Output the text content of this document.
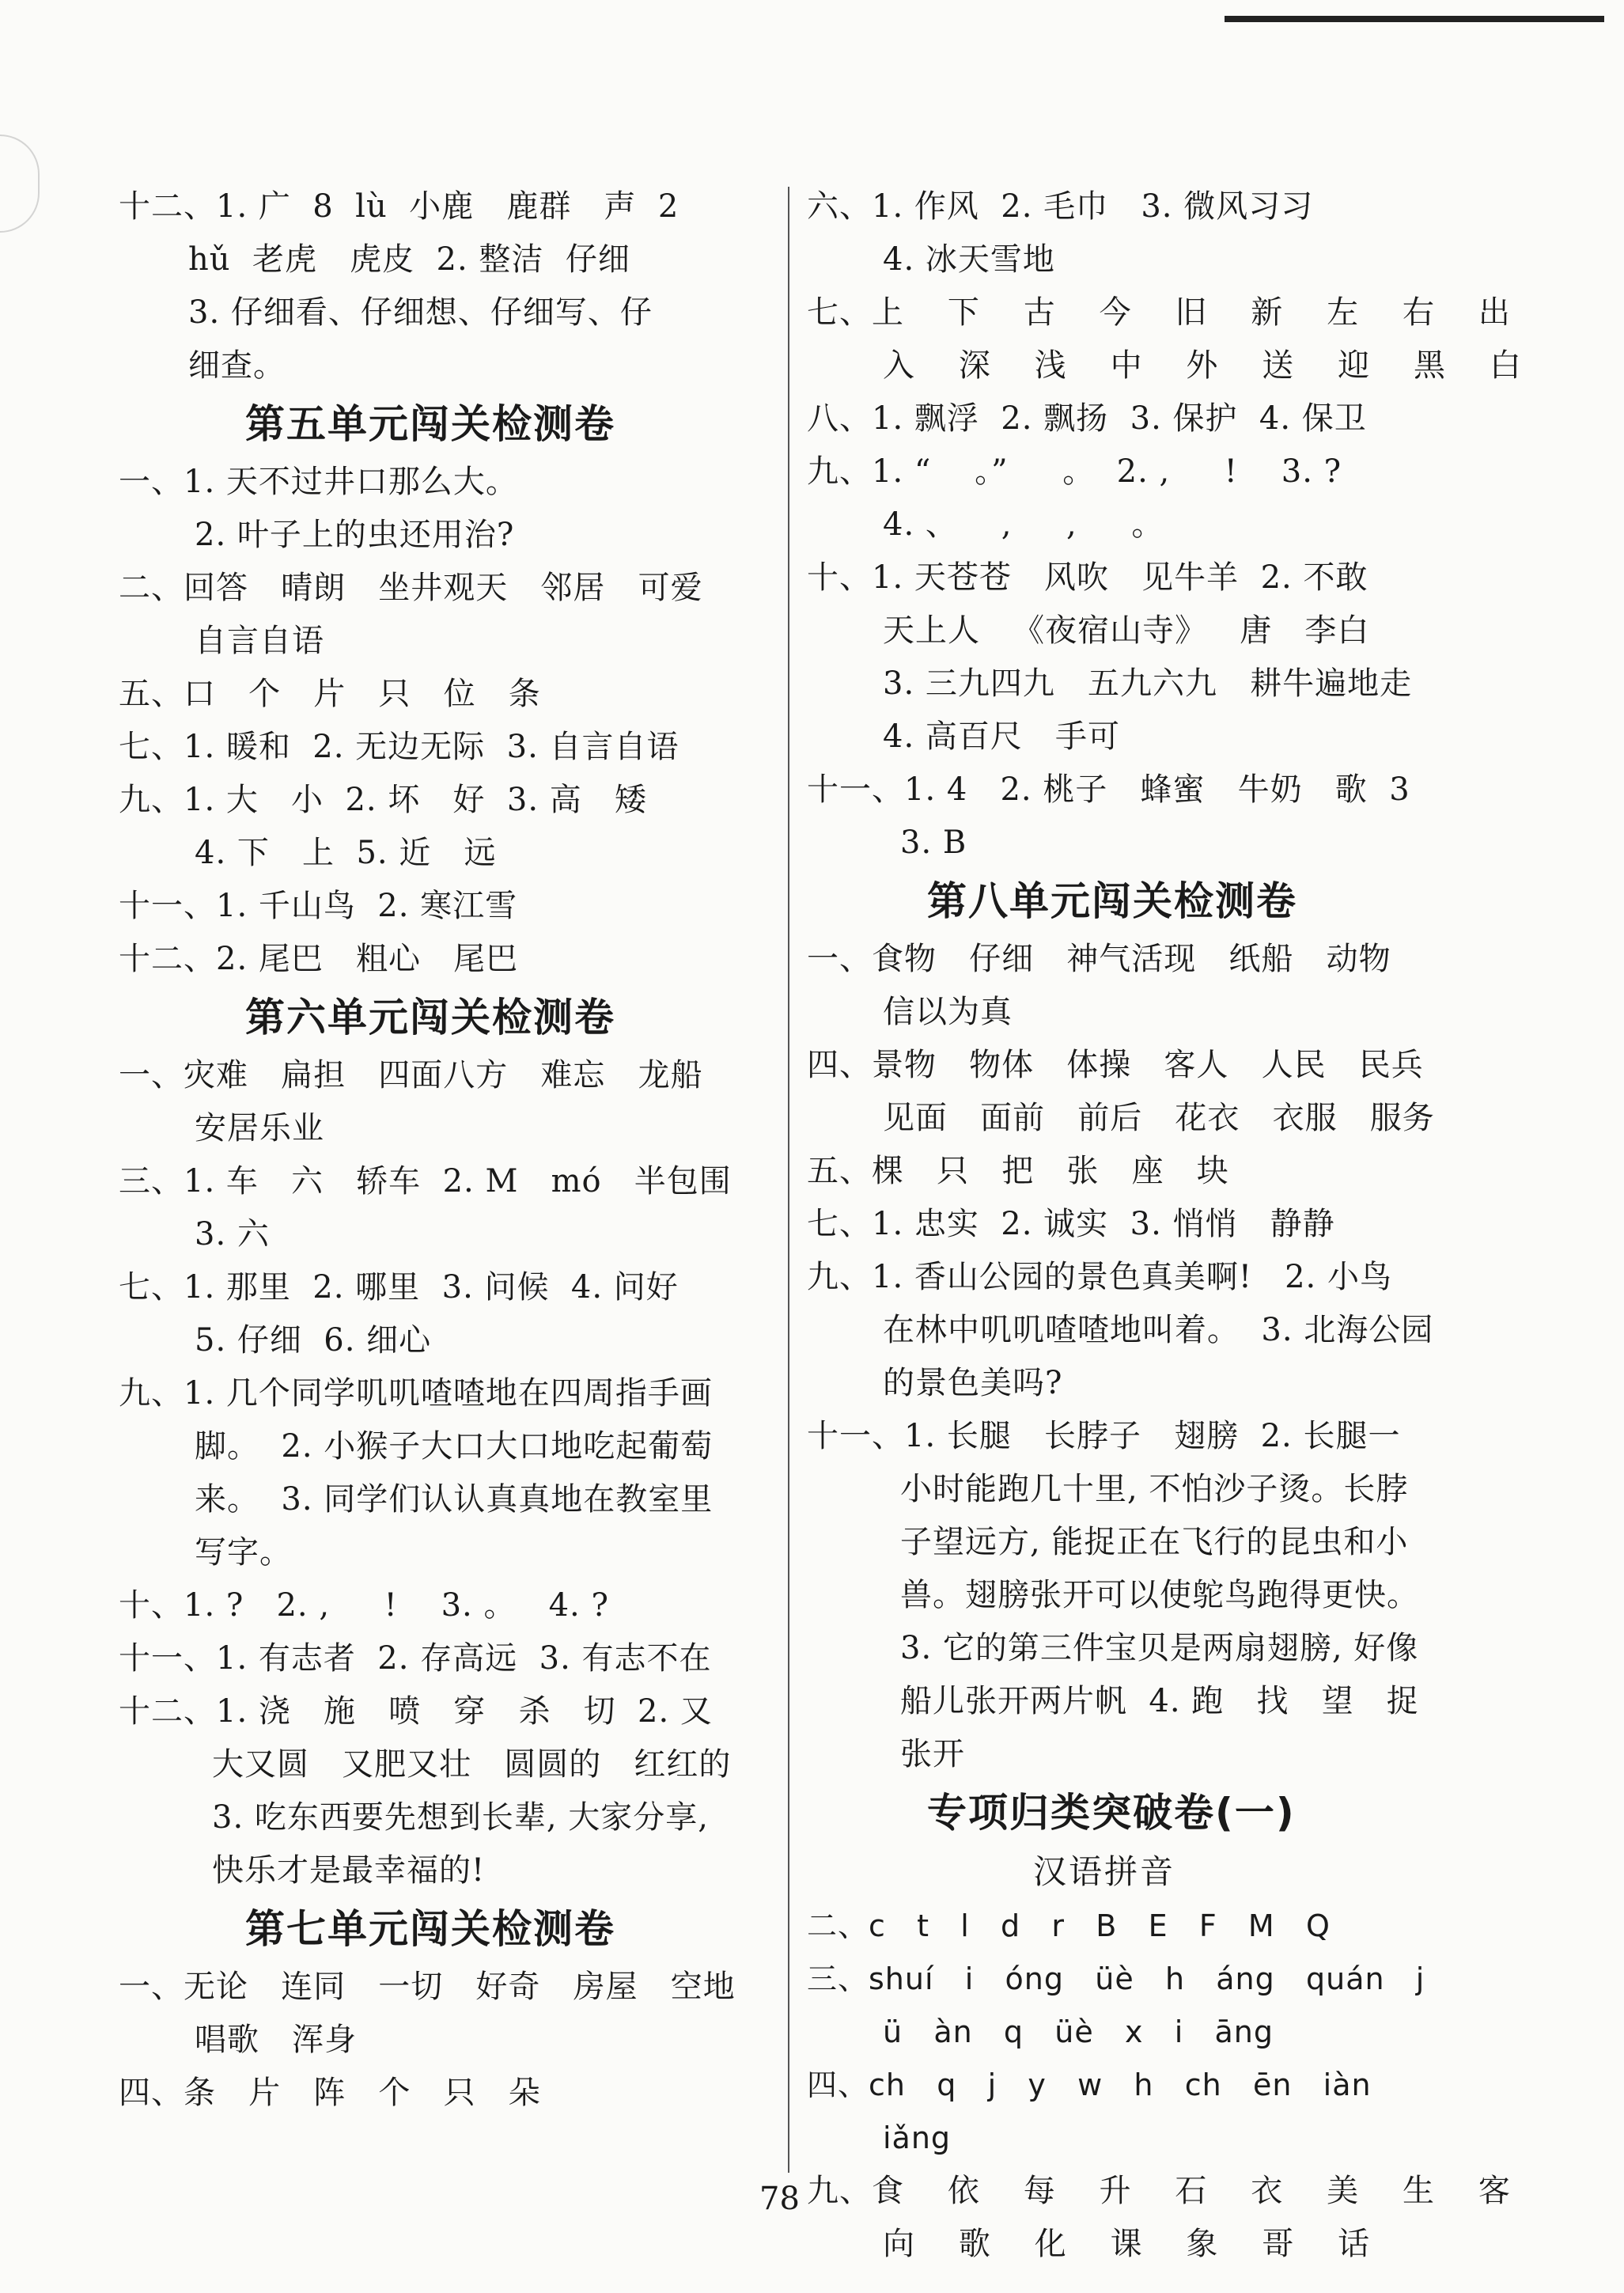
十二、1. 广  8  lù  小鹿   鹿群   声  2
hǔ  老虎   虎皮  2. 整洁  仔细
3. 仔细看、仔细想、仔细写、仔
细查。
第五单元闯关检测卷
一、1. 天不过井口那么大。
2. 叶子上的虫还用治?
二、回答   晴朗   坐井观天   邻居   可爱
自言自语
五、口   个   片   只   位   条
七、1. 暖和  2. 无边无际  3. 自言自语
九、1. 大   小  2. 坏   好  3. 高   矮
4. 下   上  5. 近   远
十一、1. 千山鸟  2. 寒江雪
十二、2. 尾巴   粗心   尾巴
第六单元闯关检测卷
一、灾难   扁担   四面八方   难忘   龙船
安居乐业
三、1. 车   六   轿车  2. M   mó   半包围
3. 六
七、1. 那里  2. 哪里  3. 问候  4. 问好
5. 仔细  6. 细心
九、1. 几个同学叽叽喳喳地在四周指手画
脚。  2. 小猴子大口大口地吃起葡萄
来。  3. 同学们认认真真地在教室里
写字。
十、1. ?   2. ,     !    3. 。   4. ?
十一、1. 有志者  2. 存高远  3. 有志不在
十二、1. 浇   施   喷   穿   杀   切  2. 又
大又圆   又肥又壮   圆圆的   红红的
3. 吃东西要先想到长辈, 大家分享,
快乐才是最幸福的!
第七单元闯关检测卷
一、无论   连同   一切   好奇   房屋   空地
唱歌   浑身
四、条   片   阵   个   只   朵
六、1. 作风  2. 毛巾   3. 微风习习
4. 冰天雪地
七、上    下    古    今    旧    新    左    右    出
入    深    浅    中    外    送    迎    黑    白
八、1. 飘浮  2. 飘扬  3. 保护  4. 保卫
九、1. “    。”     。  2. ,     !    3. ?
4. 、    ,     ,     。
十、1. 天苍苍   风吹   见牛羊  2. 不敢
天上人   《夜宿山寺》   唐   李白
3. 三九四九   五九六九   耕牛遍地走
4. 高百尺   手可
十一、1. 4   2. 桃子   蜂蜜   牛奶   歌  3
3. B
第八单元闯关检测卷
一、食物   仔细   神气活现   纸船   动物
信以为真
四、景物   物体   体操   客人   人民   民兵
见面   面前   前后   花衣   衣服   服务
五、棵   只   把   张   座   块
七、1. 忠实  2. 诚实  3. 悄悄   静静
九、1. 香山公园的景色真美啊!   2. 小鸟
在林中叽叽喳喳地叫着。  3. 北海公园
的景色美吗?
十一、1. 长腿   长脖子   翅膀  2. 长腿一
小时能跑几十里, 不怕沙子烫。长脖
子望远方, 能捉正在飞行的昆虫和小
兽。翅膀张开可以使鸵鸟跑得更快。
3. 它的第三件宝贝是两扇翅膀, 好像
船儿张开两片帆  4. 跑   找   望   捉
张开
专项归类突破卷(一)
汉语拼音
二、c   t   l   d   r   B   E   F   M   Q
三、shuí   i   óng   üè   h   áng   quán   j
ü   àn   q   üè   x   i   āng
四、ch   q   j   y   w   h   ch   ēn   iàn
iǎng
九、食    依    每    升    石    衣    美    生    客
向    歌    化    课    象    哥    话
78
